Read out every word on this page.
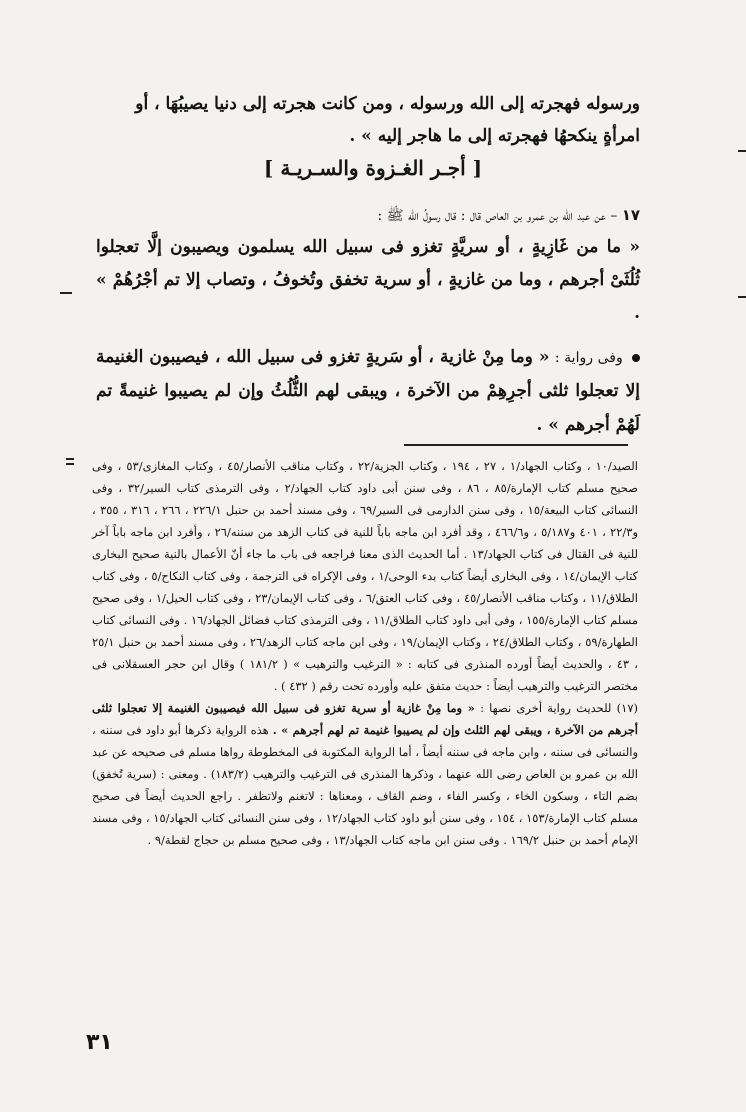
ورسوله فهجرته إلى الله ورسوله ، ومن كانت هجرته إلى دنيا يصيبُهَا ، أو
امرأةٍ ينكحهُا فهجرته إلى ما هاجر إليه » .
[ أجـر الغـزوة والسـريـة ]
١٧ – عن عبد الله بن عمرو بن العاص قال : قال رسولُ الله ﷺ :
« ما من غَازِيةٍ ، أو سريَّةٍ تغزو فى سبيل الله يسلمون ويصيبون إلَّا تعجلوا ثُلُثَىْ أجرهم ، وما من غازيةٍ ، أو سرية تخفق وتُخوفُ ، وتصاب إلا تم أجْرُهُمْ » .
وفى رواية : « وما مِنْ غازية ، أو سَريةٍ تغزو فى سبيل الله ، فيصيبون الغنيمة إلا تعجلوا ثلثى أجرِهِمْ من الآخرة ، ويبقى لهم الثُّلُثُ وإن لم يصيبوا غنيمةً تم لَهُمْ أجرهم » .

الصيد/١٠ ، وكتاب الجهاد/١ ، ٢٧ ، ١٩٤ ، وكتاب الجزية/٢٢ ، وكتاب مناقب الأنصار/٤٥ ، وكتاب المغازى/٥٣ ، وفى صحيح مسلم كتاب الإمارة/٨٥ ، ٨٦ ، وفى سنن أبى داود كتاب الجهاد/٢ ، وفى الترمذى كتاب السير/٣٢ ، وفى النسائى كتاب البيعة/١٥ ، وفى سنن الدارمى فى السير/٦٩ ، وفى مسند أحمد بن حنبل ٢٢٦/١ ، ٢٦٦ ، ٣١٦ ، ٣٥٥ ، و٢٢/٣ ، ٤٠١ و٥/١٨٧ ، و٤٦٦/٦ ، وقد أفرد ابن ماجه باباً للنية فى كتاب الزهد من سننه/٢٦ ، وأفرد ابن ماجه باباً آخر للنية فى القتال فى كتاب الجهاد/١٣ . أما الحديث الذى معنا فراجعه فى باب ما جاء أنّ الأعمال بالنية صحيح البخارى كتاب الإيمان/١٤ ، وفى البخارى أيضاً كتاب بدء الوحى/١ ، وفى الإكراه فى الترجمة ، وفى كتاب النكاح/٥ ، وفى كتاب الطلاق/١١ ، وكتاب مناقب الأنصار/٤٥ ، وفى كتاب العتق/٦ ، وفى كتاب الإيمان/٢٣ ، وفى كتاب الحيل/١ ، وفى صحيح مسلم كتاب الإمارة/١٥٥ ، وفى أبى داود كتاب الطلاق/١١ ، وفى الترمذى كتاب فضائل الجهاد/١٦ . وفى النسائى كتاب الطهارة/٥٩ ، وكتاب الطلاق/٢٤ ، وكتاب الإيمان/١٩ ، وفى ابن ماجه كتاب الزهد/٢٦ ، وفى مسند أحمد بن حنبل ٢٥/١ ، ٤٣ ، والحديث أيضاً أورده المنذرى فى كتابه : « الترغيب والترهيب » ( ١٨١/٢ ) وقال ابن حجر العسقلانى فى مختصر الترغيب والترهيب أيضاً : حديث متفق عليه وأورده تحت رقم ( ٤٣٢ ) .

(١٧) للحديث رواية أخرى نصها : « وما مِنْ غازية أو سرية تغزو فى سبيل الله فيصيبون الغنيمة إلا تعجلوا ثلثى أجرهم من الآخرة ، ويبقى لهم الثلث وإن لم يصيبوا غنيمة تم لهم أجرهم » . هذه الرواية ذكرها أبو داود فى سننه ، والنسائى فى سننه ، وابن ماجه فى سننه أيضاً ، أما الرواية المكتوبة فى المخطوطة رواها مسلم فى صحيحه عن عبد الله بن عمرو بن العاص رضى الله عنهما ، وذكرها المنذرى فى الترغيب والترهيب (١٨٣/٢) . ومعنى : (سرية تُخفق) بضم التاء ، وسكون الخاء ، وكسر الفاء ، وضم القاف ، ومعناها : لاتغنم ولاتظفر . راجع الحديث أيضاً فى صحيح مسلم كتاب الإمارة/١٥٣ ، ١٥٤ ، وفى سنن أبو داود كتاب الجهاد/١٢ ، وفى سنن النسائى كتاب الجهاد/١٥ ، وفى مسند الإمام أحمد بن حنبل ١٦٩/٢ . وفى سنن ابن ماجه كتاب الجهاد/١٣ ، وفى صحيح مسلم بن حجاج لقطة/٩ .

٣١
